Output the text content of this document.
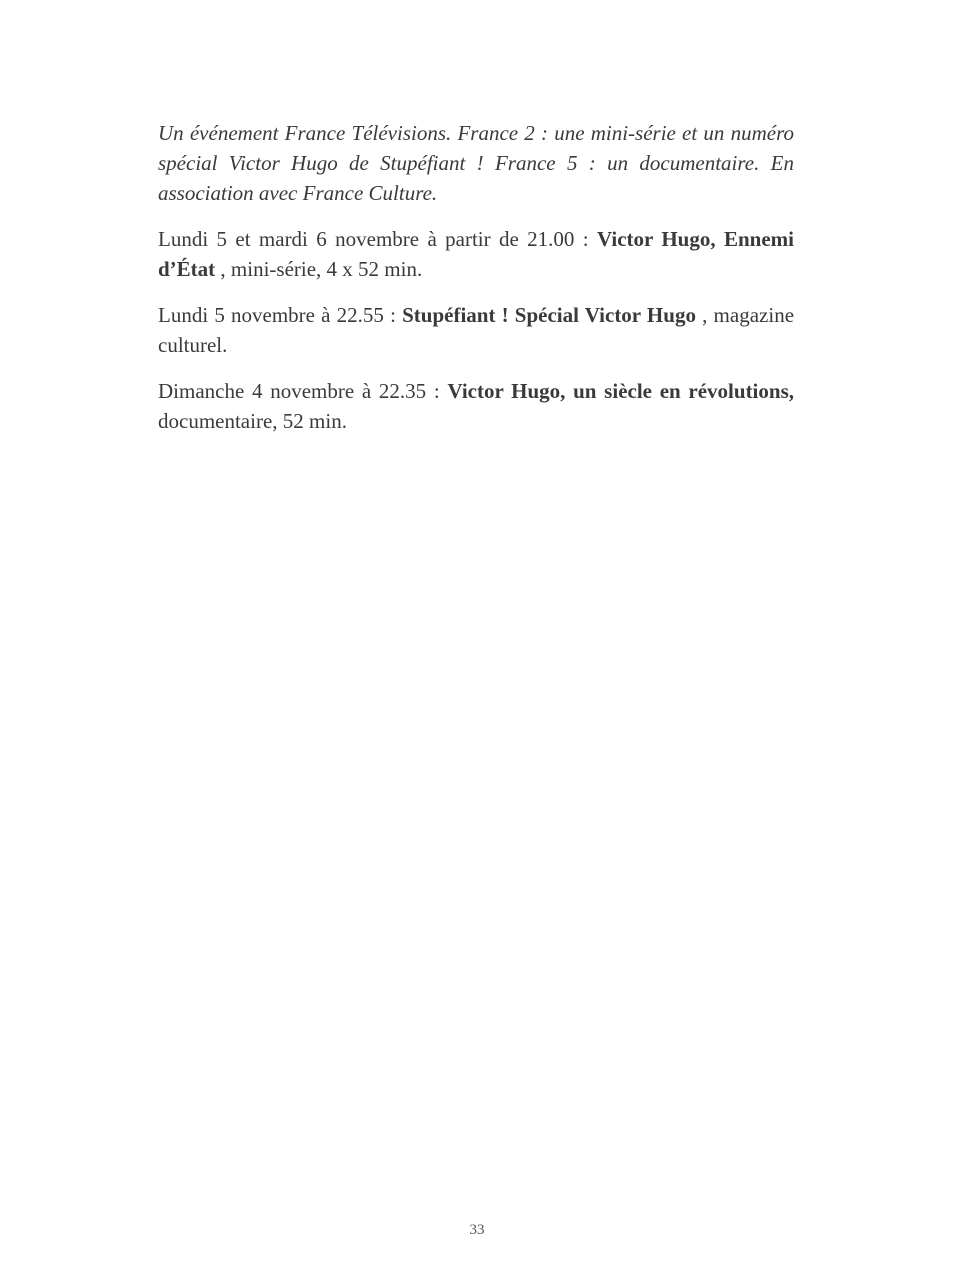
Un événement France Télévisions. France 2 : une mini-série et un numéro spécial Victor Hugo de Stupéfiant ! France 5 : un documentaire. En association avec France Culture.

Lundi 5 et mardi 6 novembre à partir de 21.00 : Victor Hugo, Ennemi d’État , mini-série, 4 x 52 min.

Lundi 5 novembre à 22.55 : Stupéfiant ! Spécial Victor Hugo , magazine culturel.

Dimanche 4 novembre à 22.35 : Victor Hugo, un siècle en révolutions, documentaire, 52 min.

33
